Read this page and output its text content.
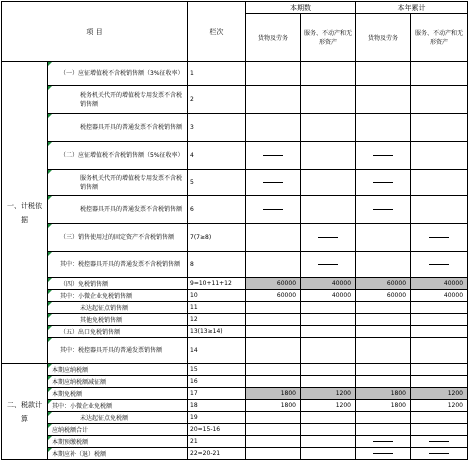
项 目		栏次	本期数		本年累计	
			货物及劳务	服务、不动产和无形资产	货物及劳务	服务、不动产和无形资产
一、计税依据	（一）应征增值税不含税销售额（3%征收率）	1				

	税务机关代开的增值税专用发票不含税销售额	2				

	税控器具开具的普通发票不含税销售额	3				

	（二）应征增值税不含税销售额（5%征收率）	4				

	服务机关代开的增值税专用发票不含税销售额	5				

	税控器具开具的普通发票不含税销售额	6				

	（三）销售使用过的固定资产不含税销售额	7(7≥8)				

	其中：税控器具开具的普通发票不含税销售额	8				

	（四）免税销售额	9=10+11+12	60000	40000	60000	40000

	其中：小微企业免税销售额	10	60000	40000	60000	40000

	未达起征点销售额	11				

	其他免税销售额	12				

	（五）出口免税销售额	13(13≥14)				

	其中：税控器具开具的普通发票销售额	14				
二、税款计算	本期应纳税额	15				

本期应纳税额减征额	16				

本期免税额	17	1800	1200	1800	1200

其中：小微企业免税额	18	1800	1200	1800	1200

	未达起征点免税额	19				

应纳税额合计	20=15-16				

本期预缴税额	21				

本期应补（退）税额	22=20-21				
